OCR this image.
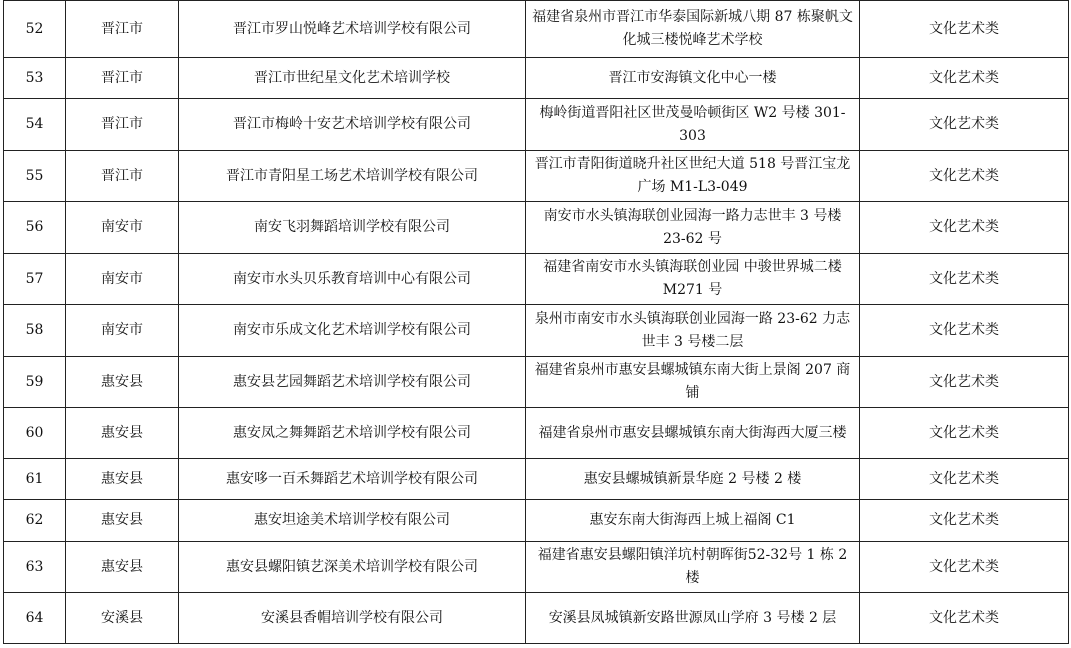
52	晋江市	晋江市罗山悦峰艺术培训学校有限公司	福建省泉州市晋江市华泰国际新城八期 87 栋聚帆文化城三楼悦峰艺术学校	文化艺术类
53	晋江市	晋江市世纪星文化艺术培训学校	晋江市安海镇文化中心一楼	文化艺术类
54	晋江市	晋江市梅岭十安艺术培训学校有限公司	梅岭街道晋阳社区世茂曼哈顿街区 W2 号楼 301-303	文化艺术类
55	晋江市	晋江市青阳星工场艺术培训学校有限公司	晋江市青阳街道晓升社区世纪大道 518 号晋江宝龙广场 M1-L3-049	文化艺术类
56	南安市	南安飞羽舞蹈培训学校有限公司	南安市水头镇海联创业园海一路力志世丰 3 号楼 23-62 号	文化艺术类
57	南安市	南安市水头贝乐教育培训中心有限公司	福建省南安市水头镇海联创业园 中骏世界城二楼 M271 号	文化艺术类
58	南安市	南安市乐成文化艺术培训学校有限公司	泉州市南安市水头镇海联创业园海一路 23-62 力志世丰 3 号楼二层	文化艺术类
59	惠安县	惠安县艺园舞蹈艺术培训学校有限公司	福建省泉州市惠安县螺城镇东南大街上景阁 207 商铺	文化艺术类
60	惠安县	惠安凤之舞舞蹈艺术培训学校有限公司	福建省泉州市惠安县螺城镇东南大街海西大厦三楼	文化艺术类
61	惠安县	惠安哆一百禾舞蹈艺术培训学校有限公司	惠安县螺城镇新景华庭 2 号楼 2 楼	文化艺术类
62	惠安县	惠安坦途美术培训学校有限公司	惠安东南大街海西上城上福阁 C1	文化艺术类
63	惠安县	惠安县螺阳镇艺深美术培训学校有限公司	福建省惠安县螺阳镇洋坑村朝晖街52-32号 1 栋 2 楼	文化艺术类
64	安溪县	安溪县香帽培训学校有限公司	安溪县凤城镇新安路世源凤山学府 3 号楼 2 层	文化艺术类
